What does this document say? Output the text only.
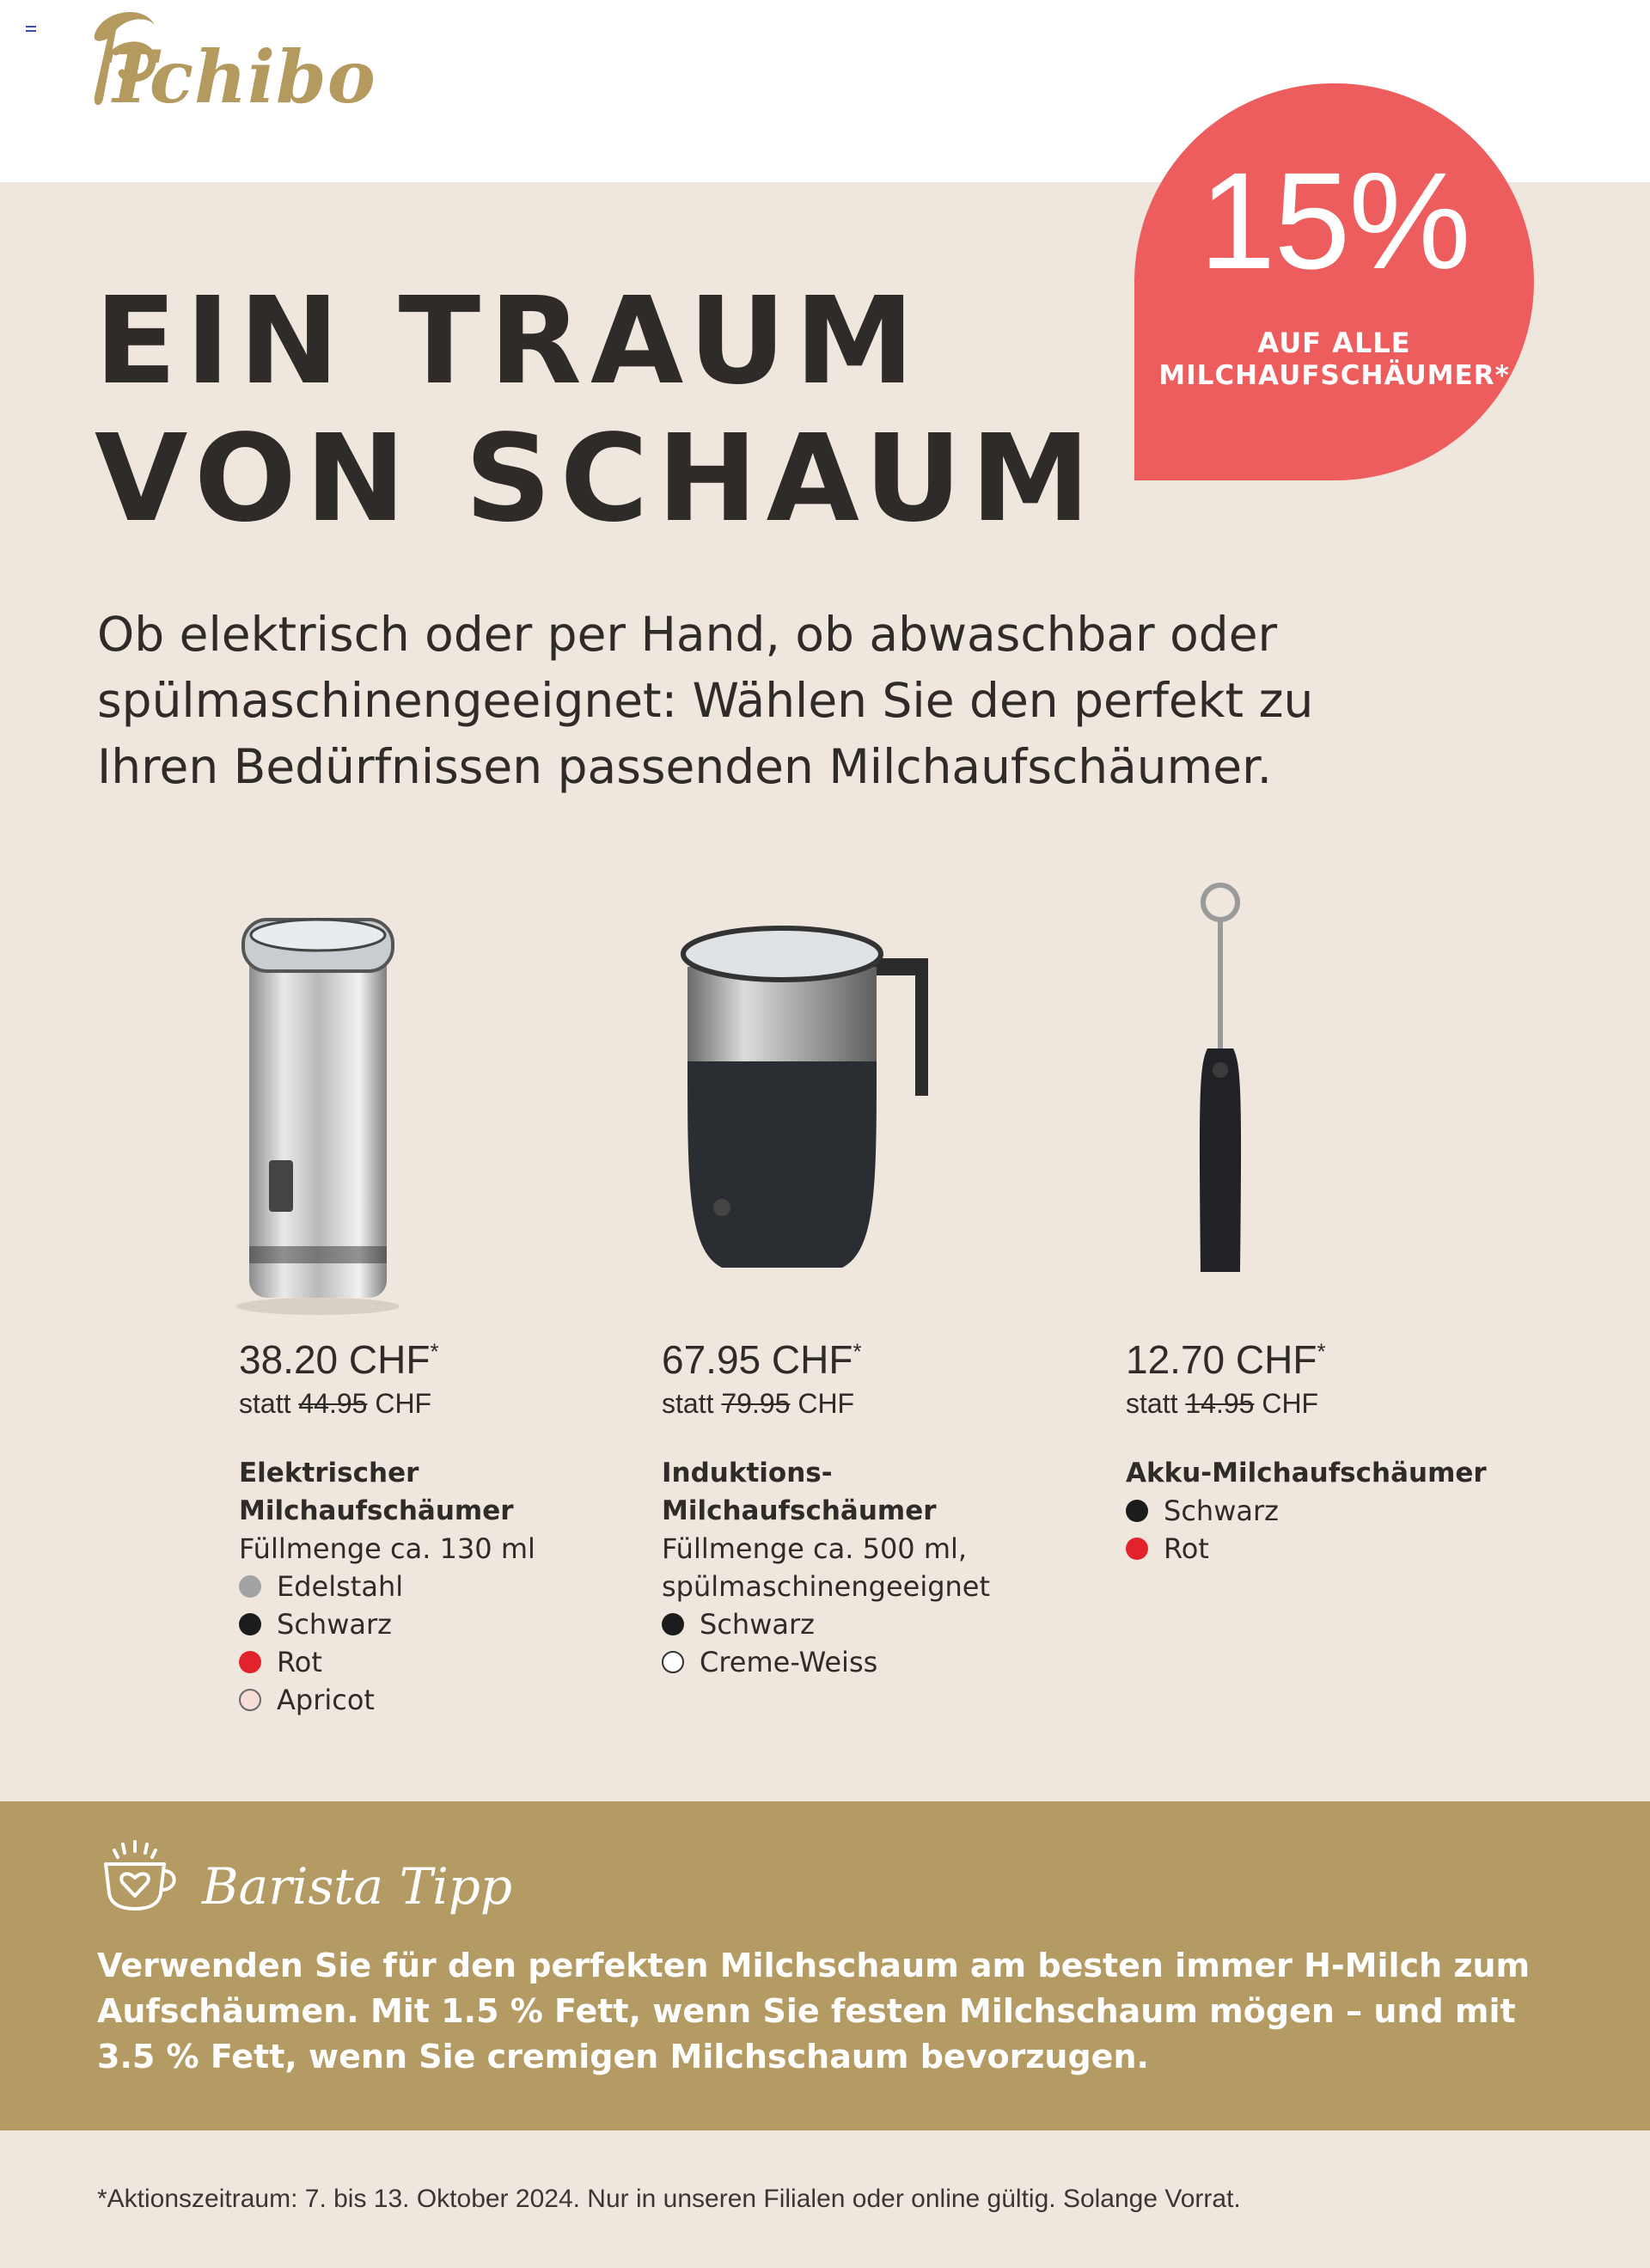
Tchibo
15%
AUF ALLE
MILCHAUFSCHÄUMER*
EIN TRAUM
VON SCHAUM
Ob elektrisch oder per Hand, ob abwaschbar oder spülmaschinengeeignet: Wählen Sie den perfekt zu Ihren Bedürfnissen passenden Milchaufschäumer.
38.20 CHF*
statt 44.95 CHF
Elektrischer
Milchaufschäumer
Füllmenge ca. 130 ml
Edelstahl
Schwarz
Rot
Apricot
67.95 CHF*
statt 79.95 CHF
Induktions-
Milchaufschäumer
Füllmenge ca. 500 ml,
spülmaschinengeeignet
Schwarz
Creme-Weiss
12.70 CHF*
statt 14.95 CHF
Akku-Milchaufschäumer
Schwarz
Rot
Barista Tipp
Verwenden Sie für den perfekten Milchschaum am besten immer H-Milch zum Aufschäumen. Mit 1.5 % Fett, wenn Sie festen Milchschaum mögen – und mit 3.5 % Fett, wenn Sie cremigen Milchschaum bevorzugen.
*Aktionszeitraum: 7. bis 13. Oktober 2024. Nur in unseren Filialen oder online gültig. Solange Vorrat.
